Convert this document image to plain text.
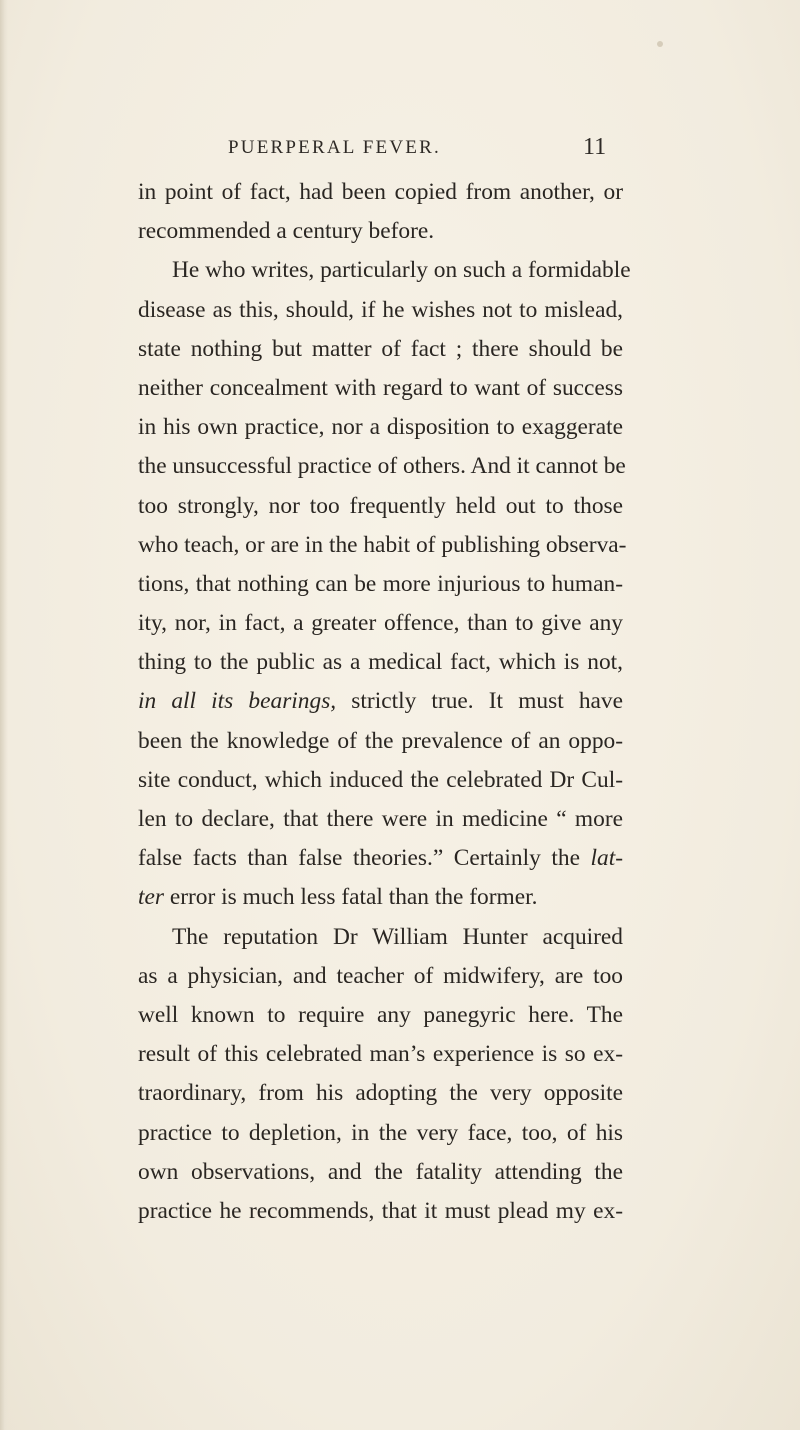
PUERPERAL FEVER.	11
in point of fact, had been copied from another, or
recommended a century before.
He who writes, particularly on such a formidable
disease as this, should, if he wishes not to mislead,
state nothing but matter of fact ; there should be
neither concealment with regard to want of success
in his own practice, nor a disposition to exaggerate
the unsuccessful practice of others. And it cannot be
too strongly, nor too frequently held out to those
who teach, or are in the habit of publishing observa-
tions, that nothing can be more injurious to human-
ity, nor, in fact, a greater offence, than to give any
thing to the public as a medical fact, which is not,
in all its bearings, strictly true. It must have
been the knowledge of the prevalence of an oppo-
site conduct, which induced the celebrated Dr Cul-
len to declare, that there were in medicine “ more
false facts than false theories.” Certainly the lat-
ter error is much less fatal than the former.
The reputation Dr William Hunter acquired
as a physician, and teacher of midwifery, are too
well known to require any panegyric here. The
result of this celebrated man’s experience is so ex-
traordinary, from his adopting the very opposite
practice to depletion, in the very face, too, of his
own observations, and the fatality attending the
practice he recommends, that it must plead my ex-
